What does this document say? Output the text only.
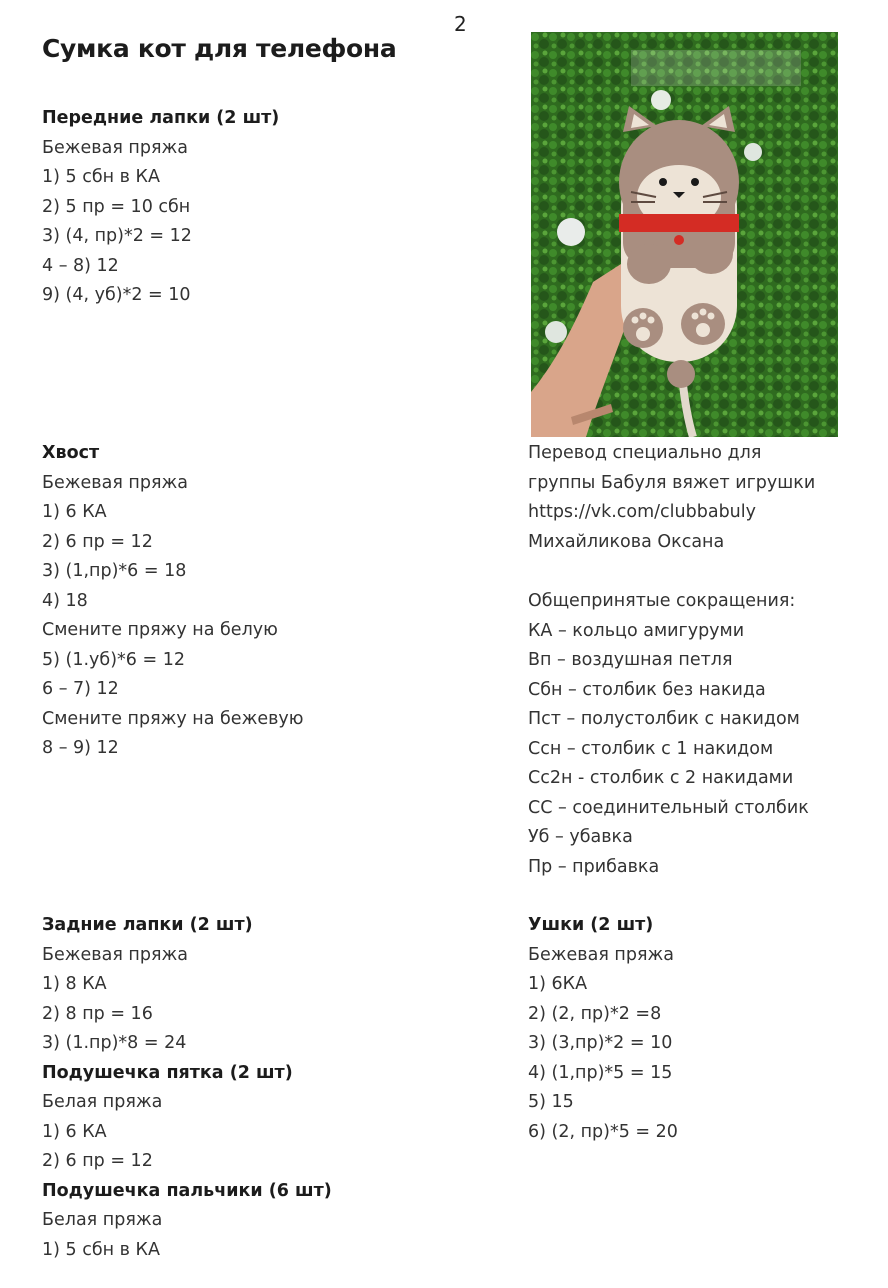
2
Сумка кот для телефона
Передние лапки (2 шт)
Бежевая пряжа
1) 5 сбн в КА
2) 5 пр = 10 сбн
3) (4, пр)*2 = 12
4 – 8) 12
9) (4, уб)*2 = 10
Хвост
Бежевая пряжа
1) 6 КА
2) 6 пр = 12
3) (1,пр)*6 = 18
4) 18
Смените пряжу на белую
5) (1.уб)*6 = 12
6 – 7) 12
Смените пряжу на бежевую
8 – 9) 12
Задние лапки (2 шт)
Бежевая пряжа
1) 8 КА
2) 8 пр = 16
3) (1.пр)*8 = 24
Подушечка пятка (2 шт)
Белая пряжа
1) 6 КА
2) 6 пр = 12
Подушечка пальчики (6 шт)
Белая пряжа
1) 5 сбн в КА
Перевод специально для
группы Бабуля вяжет игрушки
https://vk.com/clubbabuly
Михайликова Оксана
Общепринятые сокращения:
КА – кольцо амигуруми
Вп – воздушная петля
Сбн – столбик без накида
Пст – полустолбик с накидом
Ссн – столбик с 1 накидом
Сс2н - столбик с 2 накидами
СС – соединительный столбик
Уб – убавка
Пр – прибавка
Ушки (2 шт)
Бежевая пряжа
1) 6КА
2) (2, пр)*2 =8
3) (3,пр)*2 = 10
4) (1,пр)*5 = 15
5) 15
6) (2, пр)*5 = 20
